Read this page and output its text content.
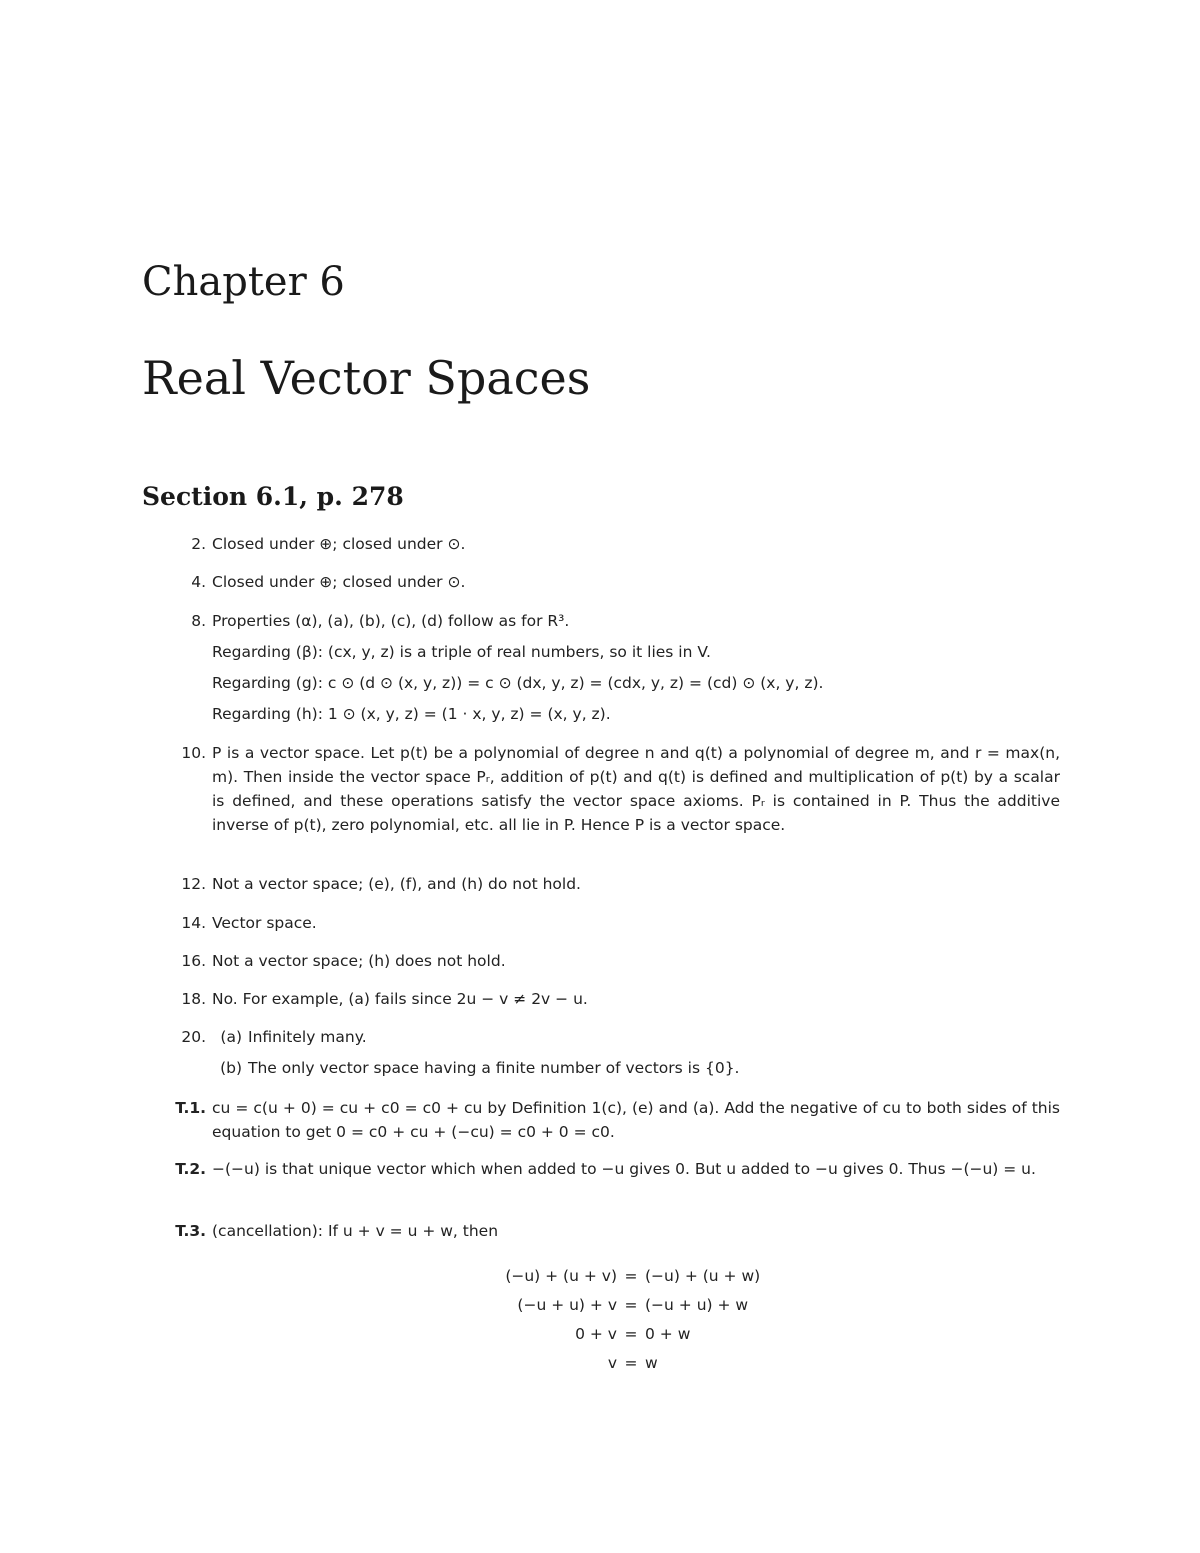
Chapter 6
Real Vector Spaces
Section 6.1, p. 278
2. Closed under ⊕; closed under ⊙.
4. Closed under ⊕; closed under ⊙.
8. Properties (α), (a), (b), (c), (d) follow as for R³.
Regarding (β): (cx, y, z) is a triple of real numbers, so it lies in V.
Regarding (g): c ⊙ (d ⊙ (x, y, z)) = c ⊙ (dx, y, z) = (cdx, y, z) = (cd) ⊙ (x, y, z).
Regarding (h): 1 ⊙ (x, y, z) = (1 · x, y, z) = (x, y, z).
10. P is a vector space. Let p(t) be a polynomial of degree n and q(t) a polynomial of degree m, and r = max(n, m). Then inside the vector space Pᵣ, addition of p(t) and q(t) is defined and multiplication of p(t) by a scalar is defined, and these operations satisfy the vector space axioms. Pᵣ is contained in P. Thus the additive inverse of p(t), zero polynomial, etc. all lie in P. Hence P is a vector space.
12. Not a vector space; (e), (f), and (h) do not hold.
14. Vector space.
16. Not a vector space; (h) does not hold.
18. No. For example, (a) fails since 2u − v ≠ 2v − u.
20. (a) Infinitely many.
(b) The only vector space having a finite number of vectors is {0}.
T.1. cu = c(u + 0) = cu + c0 = c0 + cu by Definition 1(c), (e) and (a). Add the negative of cu to both sides of this equation to get 0 = c0 + cu + (−cu) = c0 + 0 = c0.
T.2. −(−u) is that unique vector which when added to −u gives 0. But u added to −u gives 0. Thus −(−u) = u.
T.3. (cancellation): If u + v = u + w, then
(−u) + (u + v) = (−u) + (u + w)
(−u + u) + v = (−u + u) + w
0 + v = 0 + w
v = w
